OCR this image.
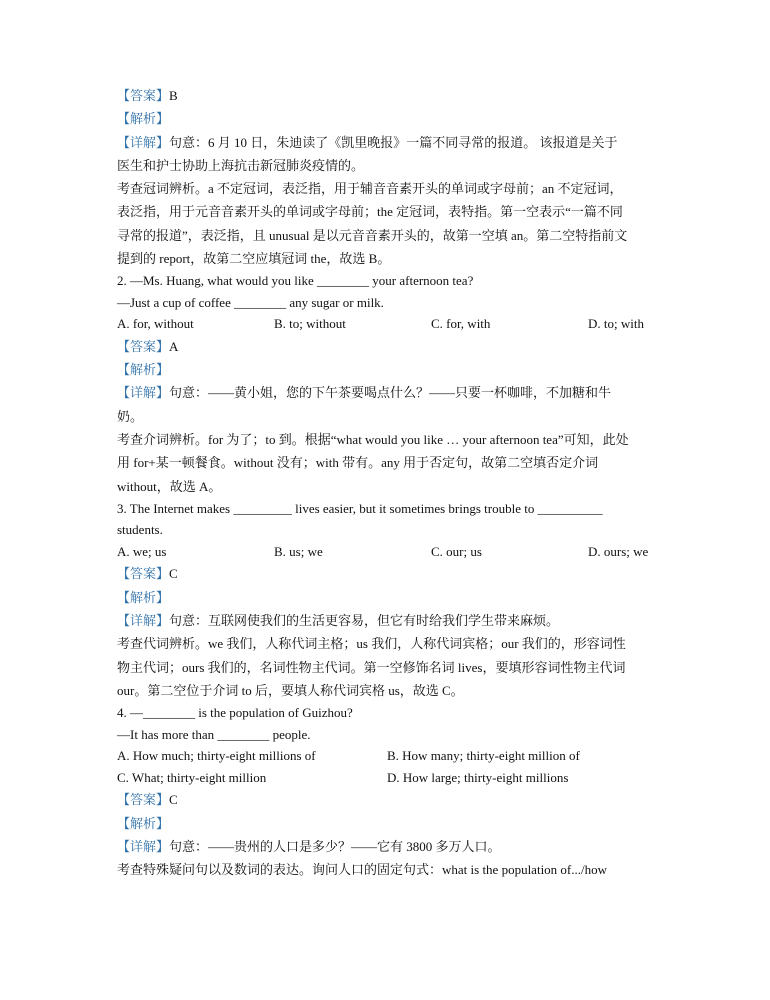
【答案】B
【解析】
【详解】句意：6 月 10 日，朱迪读了《凯里晚报》一篇不同寻常的报道。 该报道是关于
医生和护士协助上海抗击新冠肺炎疫情的。
考查冠词辨析。a 不定冠词，表泛指，用于辅音音素开头的单词或字母前；an 不定冠词，
表泛指，用于元音音素开头的单词或字母前；the 定冠词，表特指。第一空表示“一篇不同
寻常的报道”，表泛指，且 unusual 是以元音音素开头的，故第一空填 an。第二空特指前文
提到的 report，故第二空应填冠词 the，故选 B。
2. —Ms. Huang, what would you like ________ your afternoon tea?
—Just a cup of coffee ________ any sugar or milk.
A. for, without	B. to; without	C. for, with	D. to; with
【答案】A
【解析】
【详解】句意：——黄小姐，您的下午茶要喝点什么？——只要一杯咖啡，不加糖和牛
奶。
考查介词辨析。for 为了；to 到。根据“what would you like … your afternoon tea”可知，此处
用 for+某一顿餐食。without 没有；with 带有。any 用于否定句，故第二空填否定介词
without，故选 A。
3. The Internet makes _________ lives easier, but it sometimes brings trouble to __________
students.
A. we; us	B. us; we	C. our; us	D. ours; we
【答案】C
【解析】
【详解】句意：互联网使我们的生活更容易，但它有时给我们学生带来麻烦。
考查代词辨析。we 我们，人称代词主格；us 我们，人称代词宾格；our 我们的，形容词性
物主代词；ours 我们的，名词性物主代词。第一空修饰名词 lives，要填形容词性物主代词
our。第二空位于介词 to 后，要填人称代词宾格 us，故选 C。
4. —________ is the population of Guizhou?
—It has more than ________ people.
A. How much; thirty-eight millions of	B. How many; thirty-eight million of
C. What; thirty-eight million	D. How large; thirty-eight millions
【答案】C
【解析】
【详解】句意：——贵州的人口是多少？——它有 3800 多万人口。
考查特殊疑问句以及数词的表达。询问人口的固定句式：what is the population of.../how
